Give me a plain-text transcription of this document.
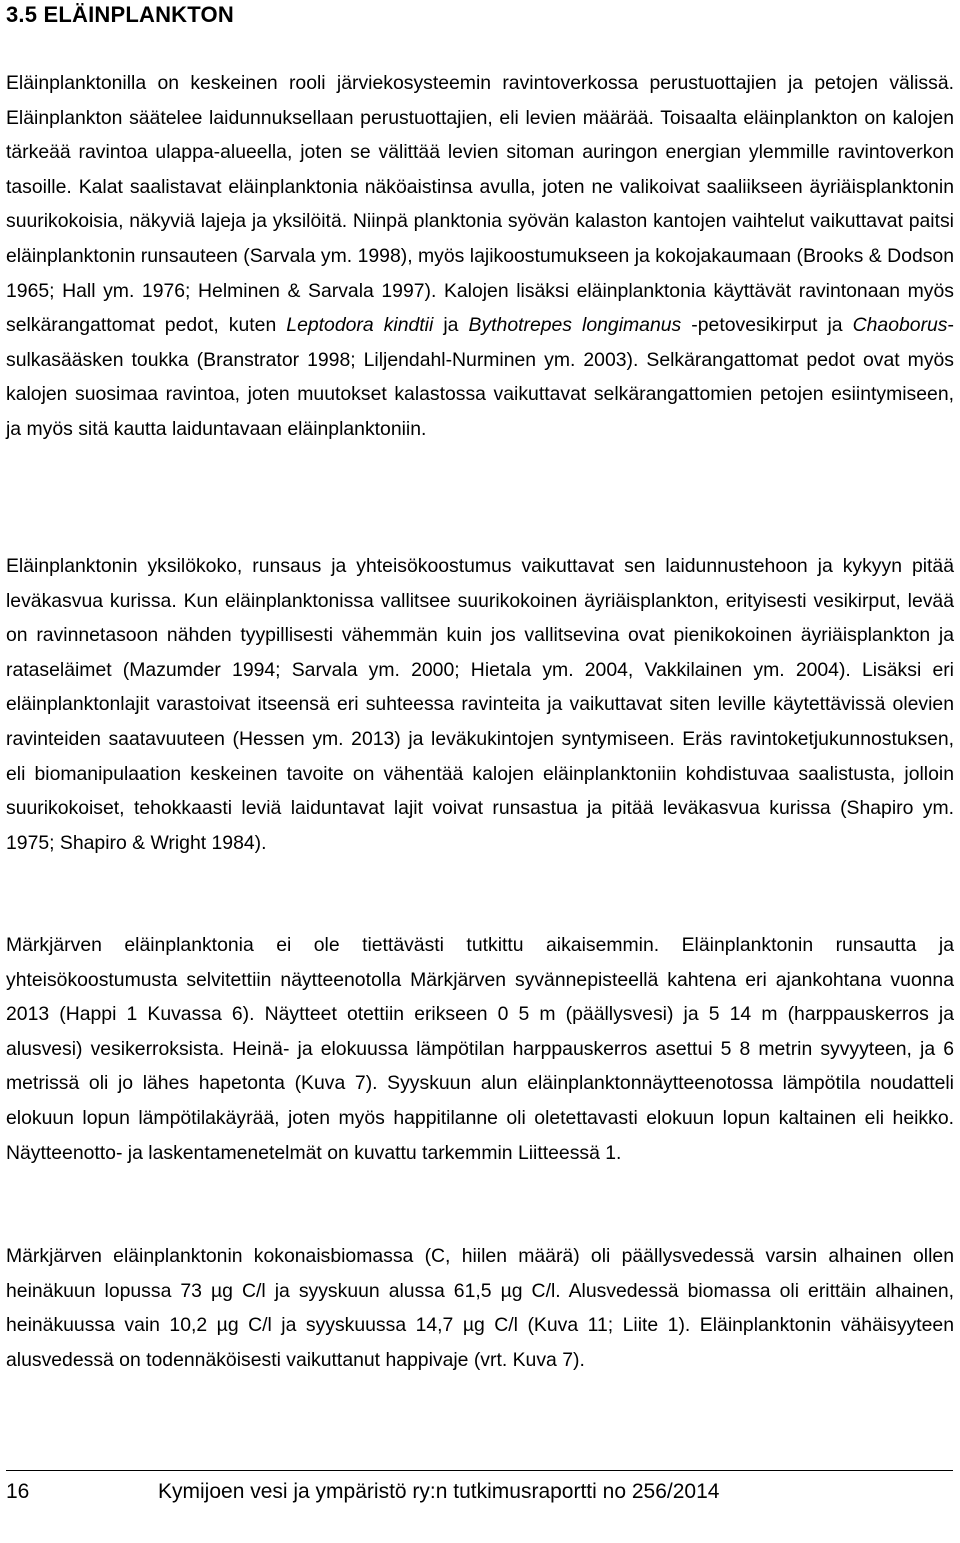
3.5 ELÄINPLANKTON

Eläinplanktonilla on keskeinen rooli järviekosysteemin ravintoverkossa perustuottajien ja petojen välissä. Eläinplankton säätelee laidunnuksellaan perustuottajien, eli levien määrää. Toisaalta eläinplankton on kalojen tärkeää ravintoa ulappa-alueella, joten se välittää levien sitoman auringon energian ylemmille ravintoverkon tasoille. Kalat saalistavat eläinplanktonia näköaistinsa avulla, joten ne valikoivat saaliikseen äyriäisplanktonin suurikokoisia, näkyviä lajeja ja yksilöitä. Niinpä planktonia syövän kalaston kantojen vaihtelut vaikuttavat paitsi eläinplanktonin runsauteen (Sarvala ym. 1998), myös lajikoostumukseen ja kokojakaumaan (Brooks & Dodson 1965; Hall ym. 1976; Helminen & Sarvala 1997). Kalojen lisäksi eläinplanktonia käyttävät ravintonaan myös selkärangattomat pedot, kuten Leptodora kindtii ja Bythotrepes longimanus -petovesikirput ja Chaoborus-sulkasääsken toukka (Branstrator 1998; Liljendahl-Nurminen ym. 2003). Selkärangattomat pedot ovat myös kalojen suosimaa ravintoa, joten muutokset kalastossa vaikuttavat selkärangattomien petojen esiintymiseen, ja myös sitä kautta laiduntavaan eläinplanktoniin.

Eläinplanktonin yksilökoko, runsaus ja yhteisökoostumus vaikuttavat sen laidunnustehoon ja kykyyn pitää leväkasvua kurissa. Kun eläinplanktonissa vallitsee suurikokoinen äyriäisplankton, erityisesti vesikirput, levää on ravinnetasoon nähden tyypillisesti vähemmän kuin jos vallitsevina ovat pienikokoinen äyriäisplankton ja rataseläimet (Mazumder 1994; Sarvala ym. 2000; Hietala ym. 2004, Vakkilainen ym. 2004). Lisäksi eri eläinplanktonlajit varastoivat itseensä eri suhteessa ravinteita ja vaikuttavat siten leville käytettävissä olevien ravinteiden saatavuuteen (Hessen ym. 2013) ja leväkukintojen syntymiseen. Eräs ravintoketjukunnostuksen, eli biomanipulaation keskeinen tavoite on vähentää kalojen eläinplanktoniin kohdistuvaa saalistusta, jolloin suurikokoiset, tehokkaasti leviä laiduntavat lajit voivat runsastua ja pitää leväkasvua kurissa (Shapiro ym. 1975; Shapiro & Wright 1984).

Märkjärven eläinplanktonia ei ole tiettävästi tutkittu aikaisemmin. Eläinplanktonin runsautta ja yhteisökoostumusta selvitettiin näytteenotolla Märkjärven syvännepisteellä kahtena eri ajankohtana vuonna 2013 (Happi 1 Kuvassa 6). Näytteet otettiin erikseen 0 5 m (päällysvesi) ja 5 14 m (harppauskerros ja alusvesi) vesikerroksista. Heinä- ja elokuussa lämpötilan harppauskerros asettui 5 8 metrin syvyyteen, ja 6 metrissä oli jo lähes hapetonta (Kuva 7). Syyskuun alun eläinplanktonnäytteenotossa lämpötila noudatteli elokuun lopun lämpötilakäyrää, joten myös happitilanne oli oletettavasti elokuun lopun kaltainen eli heikko. Näytteenotto- ja laskentamenetelmät on kuvattu tarkemmin Liitteessä 1.

Märkjärven eläinplanktonin kokonaisbiomassa (C, hiilen määrä) oli päällysvedessä varsin alhainen ollen heinäkuun lopussa 73 µg C/l ja syyskuun alussa 61,5 µg C/l. Alusvedessä biomassa oli erittäin alhainen, heinäkuussa vain 10,2 µg C/l ja syyskuussa 14,7 µg C/l (Kuva 11; Liite 1). Eläinplanktonin vähäisyyteen alusvedessä on todennäköisesti vaikuttanut happivaje (vrt. Kuva 7).

16	Kymijoen vesi ja ympäristö ry:n tutkimusraportti no 256/2014
